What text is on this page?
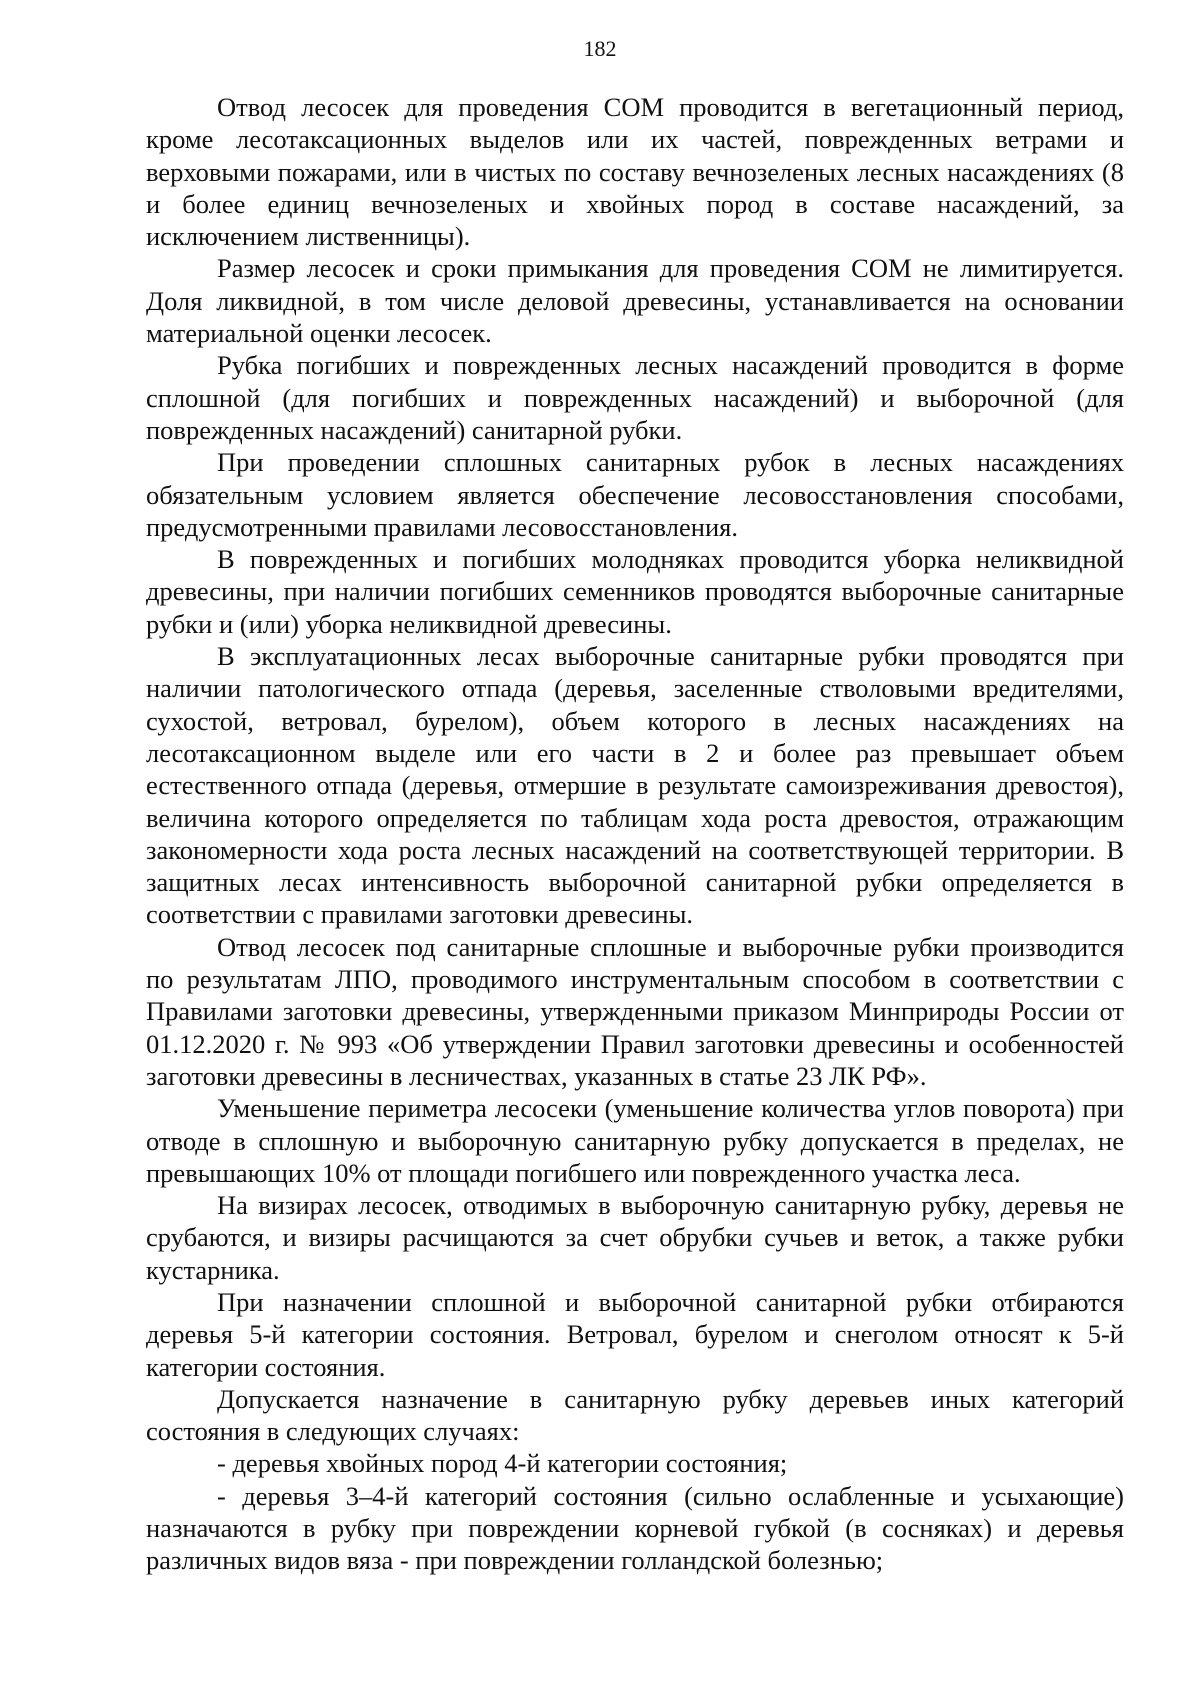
182

Отвод лесосек для проведения СОМ проводится в вегетационный период, кроме лесотаксационных выделов или их частей, поврежденных ветрами и верховыми пожарами, или в чистых по составу вечнозеленых лесных насаждениях (8 и более единиц вечнозеленых и хвойных пород в составе насаждений, за исключением лиственницы).

Размер лесосек и сроки примыкания для проведения СОМ не лимитируется. Доля ликвидной, в том числе деловой древесины, устанавливается на основании материальной оценки лесосек.

Рубка погибших и поврежденных лесных насаждений проводится в форме сплошной (для погибших и поврежденных насаждений) и выборочной (для поврежденных насаждений) санитарной рубки.

При проведении сплошных санитарных рубок в лесных насаждениях обязательным условием является обеспечение лесовосстановления способами, предусмотренными правилами лесовосстановления.

В поврежденных и погибших молодняках проводится уборка неликвидной древесины, при наличии погибших семенников проводятся выборочные санитарные рубки и (или) уборка неликвидной древесины.

В эксплуатационных лесах выборочные санитарные рубки проводятся при наличии патологического отпада (деревья, заселенные стволовыми вредителями, сухостой, ветровал, бурелом), объем которого в лесных насаждениях на лесотаксационном выделе или его части в 2 и более раз превышает объем естественного отпада (деревья, отмершие в результате самоизреживания древостоя), величина которого определяется по таблицам хода роста древостоя, отражающим закономерности хода роста лесных насаждений на соответствующей территории. В защитных лесах интенсивность выборочной санитарной рубки определяется в соответствии с правилами заготовки древесины.

Отвод лесосек под санитарные сплошные и выборочные рубки производится по результатам ЛПО, проводимого инструментальным способом в соответствии с Правилами заготовки древесины, утвержденными приказом Минприроды России от 01.12.2020 г. № 993 «Об утверждении Правил заготовки древесины и особенностей заготовки древесины в лесничествах, указанных в статье 23 ЛК РФ».

Уменьшение периметра лесосеки (уменьшение количества углов поворота) при отводе в сплошную и выборочную санитарную рубку допускается в пределах, не превышающих 10% от площади погибшего или поврежденного участка леса.

На визирах лесосек, отводимых в выборочную санитарную рубку, деревья не срубаются, и визиры расчищаются за счет обрубки сучьев и веток, а также рубки кустарника.

При назначении сплошной и выборочной санитарной рубки отбираются деревья 5-й категории состояния. Ветровал, бурелом и снеголом относят к 5-й категории состояния.

Допускается назначение в санитарную рубку деревьев иных категорий состояния в следующих случаях:

- деревья хвойных пород 4-й категории состояния;

- деревья 3–4-й категорий состояния (сильно ослабленные и усыхающие) назначаются в рубку при повреждении корневой губкой (в сосняках) и деревья различных видов вяза - при повреждении голландской болезнью;
